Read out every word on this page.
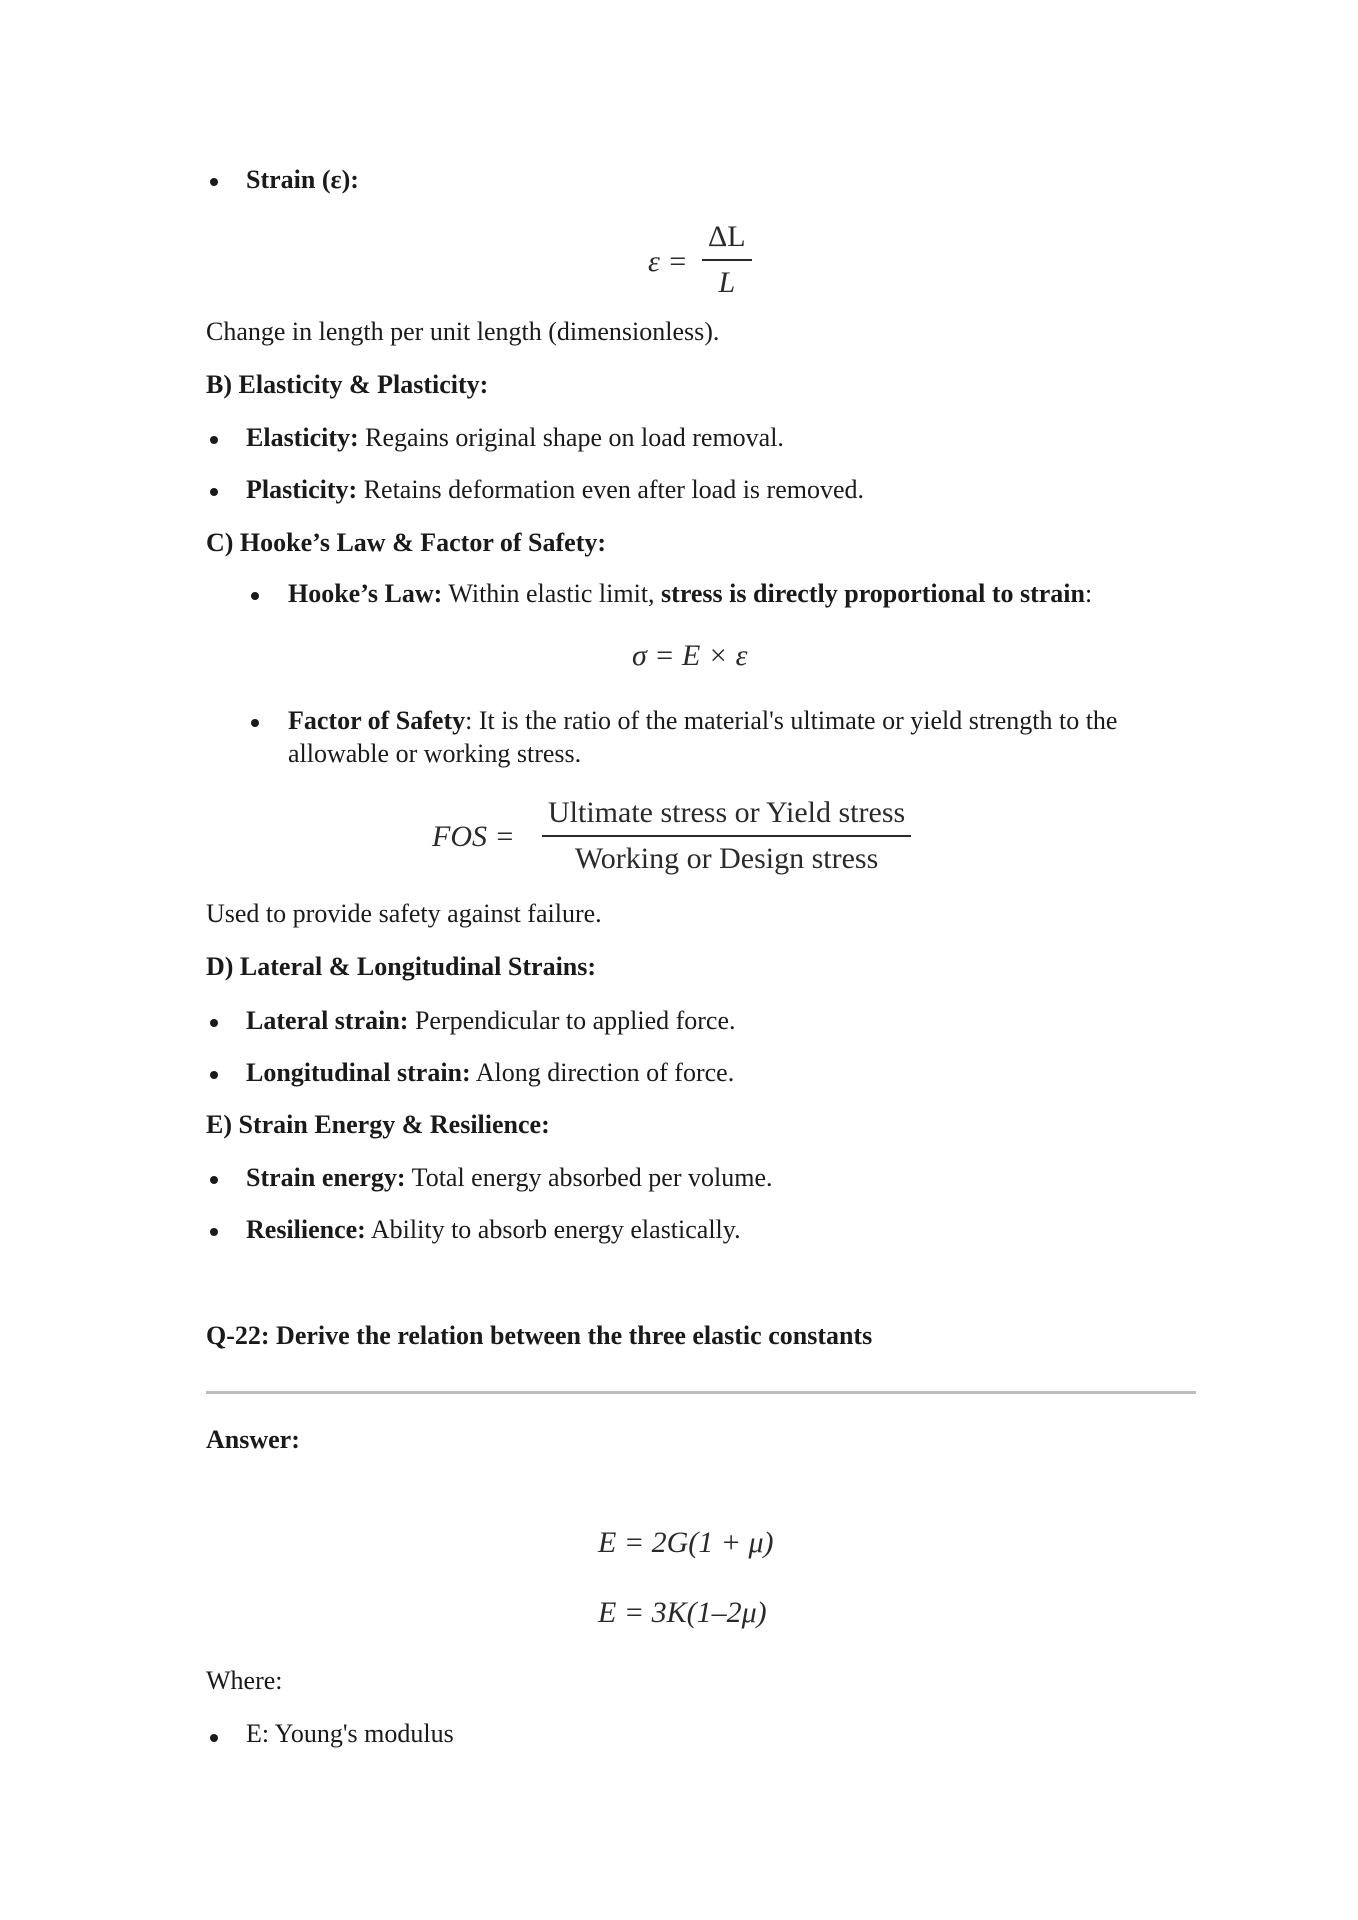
Strain (ε):
ε =
ΔL
L
Change in length per unit length (dimensionless).
B) Elasticity & Plasticity:
Elasticity: Regains original shape on load removal.
Plasticity: Retains deformation even after load is removed.
C) Hooke’s Law & Factor of Safety:
Hooke’s Law: Within elastic limit, stress is directly proportional to strain:
σ = E × ε
Factor of Safety: It is the ratio of the material's ultimate or yield strength to the
allowable or working stress.
FOS =
Ultimate stress or Yield stress
Working or Design stress
Used to provide safety against failure.
D) Lateral & Longitudinal Strains:
Lateral strain: Perpendicular to applied force.
Longitudinal strain: Along direction of force.
E) Strain Energy & Resilience:
Strain energy: Total energy absorbed per volume.
Resilience: Ability to absorb energy elastically.
Q-22: Derive the relation between the three elastic constants
Answer:
E = 2G(1 + μ)
E = 3K(1–2μ)
Where:
E: Young's modulus
